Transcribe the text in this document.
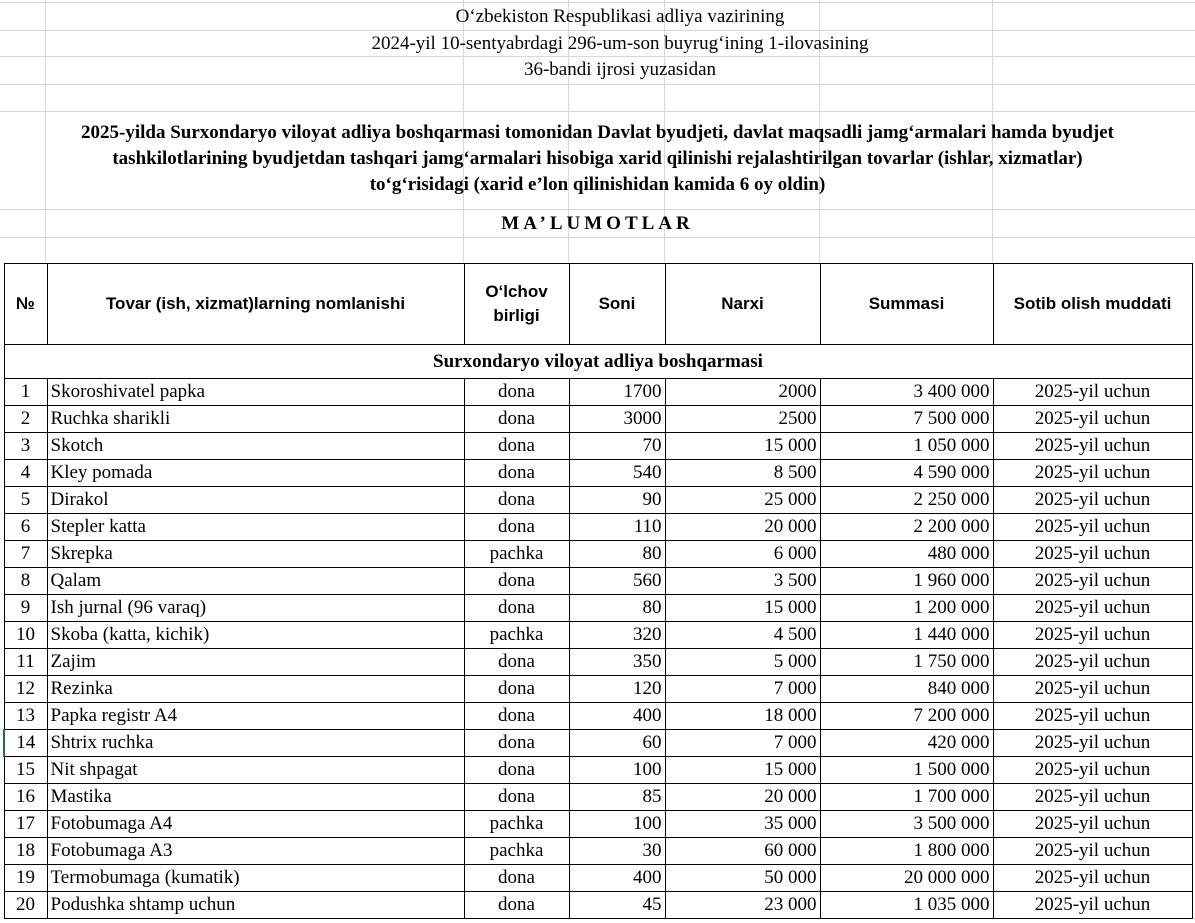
O‘zbekiston Respublikasi adliya vazirining
2024-yil 10-sentyabrdagi 296-um-son buyrug‘ining 1-ilovasining
36-bandi ijrosi yuzasidan
2025-yilda Surxondaryo viloyat adliya boshqarmasi tomonidan Davlat byudjeti, davlat maqsadli jamg‘armalari hamda byudjet
tashkilotlarining byudjetdan tashqari jamg‘armalari hisobiga xarid qilinishi rejalashtirilgan tovarlar (ishlar, xizmatlar)
to‘g‘risidagi (xarid e’lon qilinishidan kamida 6 oy oldin)
MA’LUMOTLAR
№	Tovar (ish, xizmat)larning nomlanishi	O‘lchov birligi	Soni	Narxi	Summasi	Sotib olish muddati
Surxondaryo viloyat adliya boshqarmasi						
1	Skoroshivatel papka	dona	1700	2000	3 400 000	2025-yil uchun
2	Ruchka sharikli	dona	3000	2500	7 500 000	2025-yil uchun
3	Skotch	dona	70	15 000	1 050 000	2025-yil uchun
4	Kley pomada	dona	540	8 500	4 590 000	2025-yil uchun
5	Dirakol	dona	90	25 000	2 250 000	2025-yil uchun
6	Stepler katta	dona	110	20 000	2 200 000	2025-yil uchun
7	Skrepka	pachka	80	6 000	480 000	2025-yil uchun
8	Qalam	dona	560	3 500	1 960 000	2025-yil uchun
9	Ish jurnal (96 varaq)	dona	80	15 000	1 200 000	2025-yil uchun
10	Skoba (katta, kichik)	pachka	320	4 500	1 440 000	2025-yil uchun
11	Zajim	dona	350	5 000	1 750 000	2025-yil uchun
12	Rezinka	dona	120	7 000	840 000	2025-yil uchun
13	Papka registr A4	dona	400	18 000	7 200 000	2025-yil uchun
14	Shtrix ruchka	dona	60	7 000	420 000	2025-yil uchun
15	Nit shpagat	dona	100	15 000	1 500 000	2025-yil uchun
16	Mastika	dona	85	20 000	1 700 000	2025-yil uchun
17	Fotobumaga A4	pachka	100	35 000	3 500 000	2025-yil uchun
18	Fotobumaga A3	pachka	30	60 000	1 800 000	2025-yil uchun
19	Termobumaga (kumatik)	dona	400	50 000	20 000 000	2025-yil uchun
20	Podushka shtamp uchun	dona	45	23 000	1 035 000	2025-yil uchun
